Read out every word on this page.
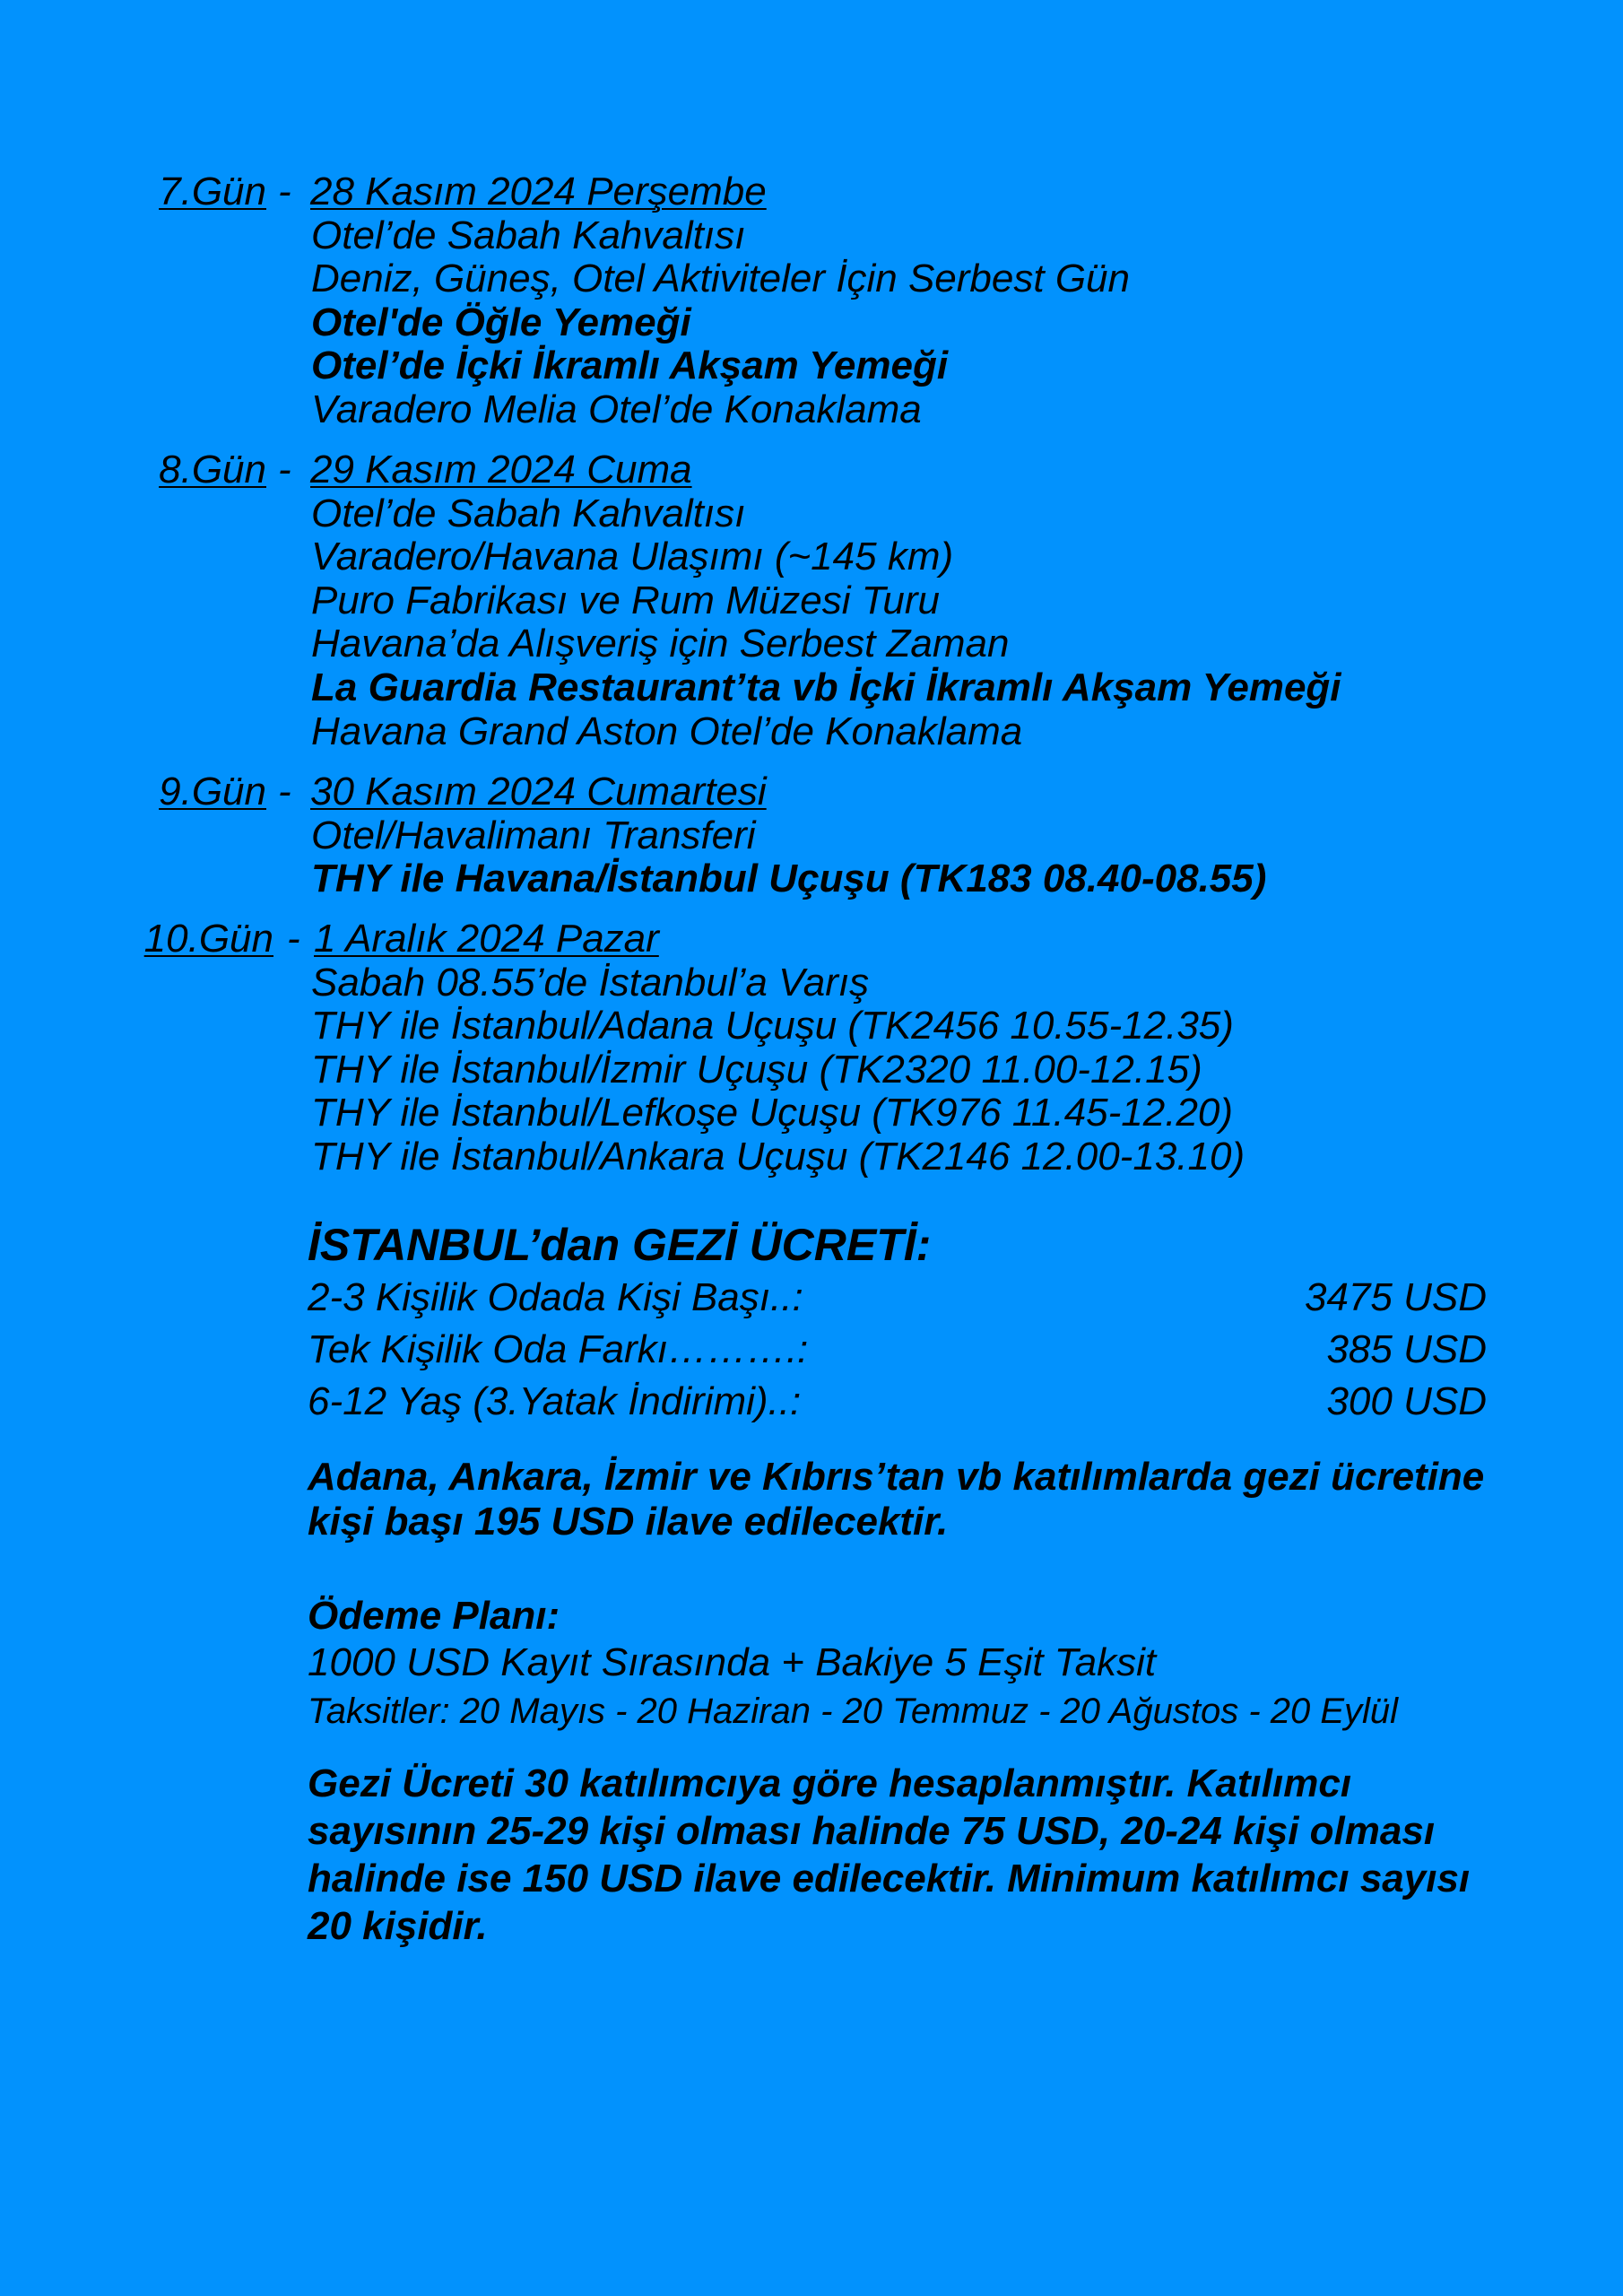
7.Gün - 28 Kasım 2024 Perşembe
Otel’de Sabah Kahvaltısı
Deniz, Güneş, Otel Aktiviteler İçin Serbest Gün
Otel'de Öğle Yemeği
Otel’de İçki İkramlı Akşam Yemeği
Varadero Melia Otel’de Konaklama
8.Gün - 29 Kasım 2024 Cuma
Otel’de Sabah Kahvaltısı
Varadero/Havana Ulaşımı (~145 km)
Puro Fabrikası ve Rum Müzesi Turu
Havana’da Alışveriş için Serbest Zaman
La Guardia Restaurant’ta vb İçki İkramlı Akşam Yemeği
Havana Grand Aston Otel’de Konaklama
9.Gün - 30 Kasım 2024 Cumartesi
Otel/Havalimanı Transferi
THY ile Havana/İstanbul Uçuşu (TK183 08.40-08.55)
10.Gün - 1 Aralık 2024 Pazar
Sabah 08.55’de İstanbul’a Varış
THY ile İstanbul/Adana Uçuşu (TK2456 10.55-12.35)
THY ile İstanbul/İzmir Uçuşu (TK2320 11.00-12.15)
THY ile İstanbul/Lefkoşe Uçuşu (TK976 11.45-12.20)
THY ile İstanbul/Ankara Uçuşu (TK2146 12.00-13.10)
İSTANBUL’dan GEZİ ÜCRETİ:
2-3 Kişilik Odada Kişi Başı..:	3475 USD
Tek Kişilik Oda Farkı……….:	385 USD
6-12 Yaş (3.Yatak İndirimi)..:	300 USD
Adana, Ankara, İzmir ve Kıbrıs’tan vb katılımlarda gezi ücretine
kişi başı 195 USD ilave edilecektir.
Ödeme Planı:
1000 USD Kayıt Sırasında + Bakiye 5 Eşit Taksit
Taksitler: 20 Mayıs - 20 Haziran - 20 Temmuz - 20 Ağustos - 20 Eylül
Gezi Ücreti 30 katılımcıya göre hesaplanmıştır. Katılımcı
sayısının 25-29 kişi olması halinde 75 USD, 20-24 kişi olması
halinde ise 150 USD ilave edilecektir. Minimum katılımcı sayısı
20 kişidir.
